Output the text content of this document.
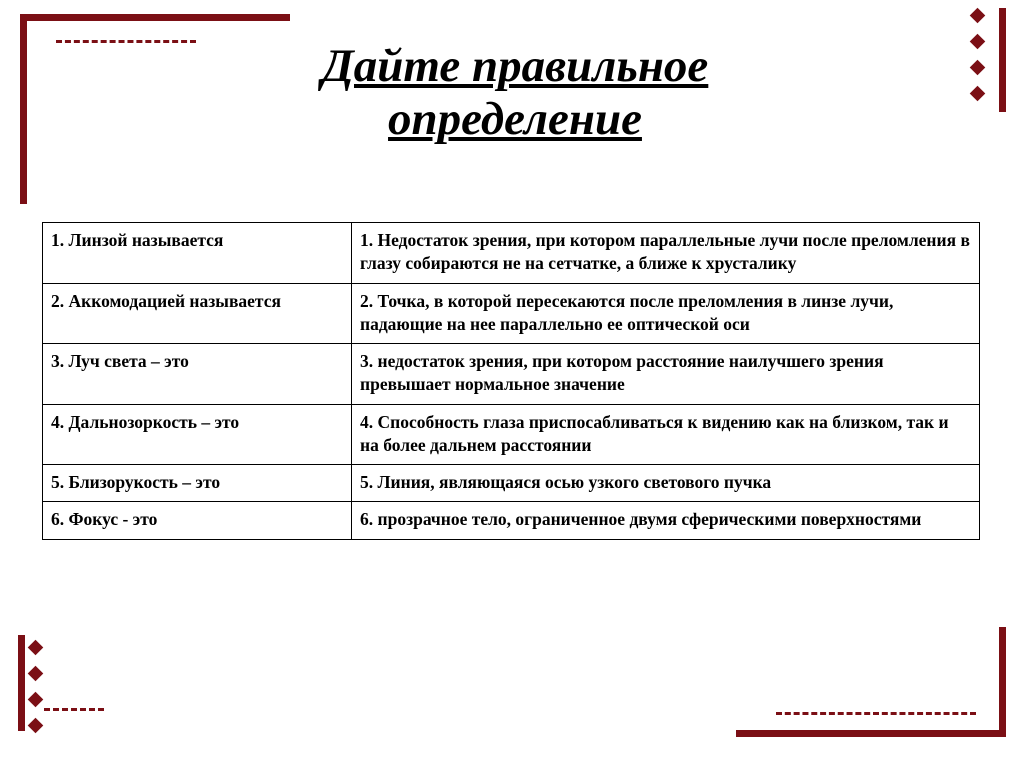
Дайте правильное определение
1. Линзой называется	1. Недостаток зрения, при котором параллельные лучи после преломления в глазу собираются не на сетчатке, а ближе к хрусталику
2. Аккомодацией называется	2. Точка, в которой пересекаются после преломления в линзе лучи, падающие на нее параллельно ее оптической оси
3. Луч света – это	3. недостаток зрения, при котором расстояние наилучшего зрения превышает нормальное значение
4. Дальнозоркость – это	4. Способность глаза приспосабливаться к видению как на близком, так и на более дальнем расстоянии
5. Близорукость – это	5. Линия, являющаяся осью узкого светового пучка
6. Фокус - это	6. прозрачное тело, ограниченное двумя сферическими поверхностями
